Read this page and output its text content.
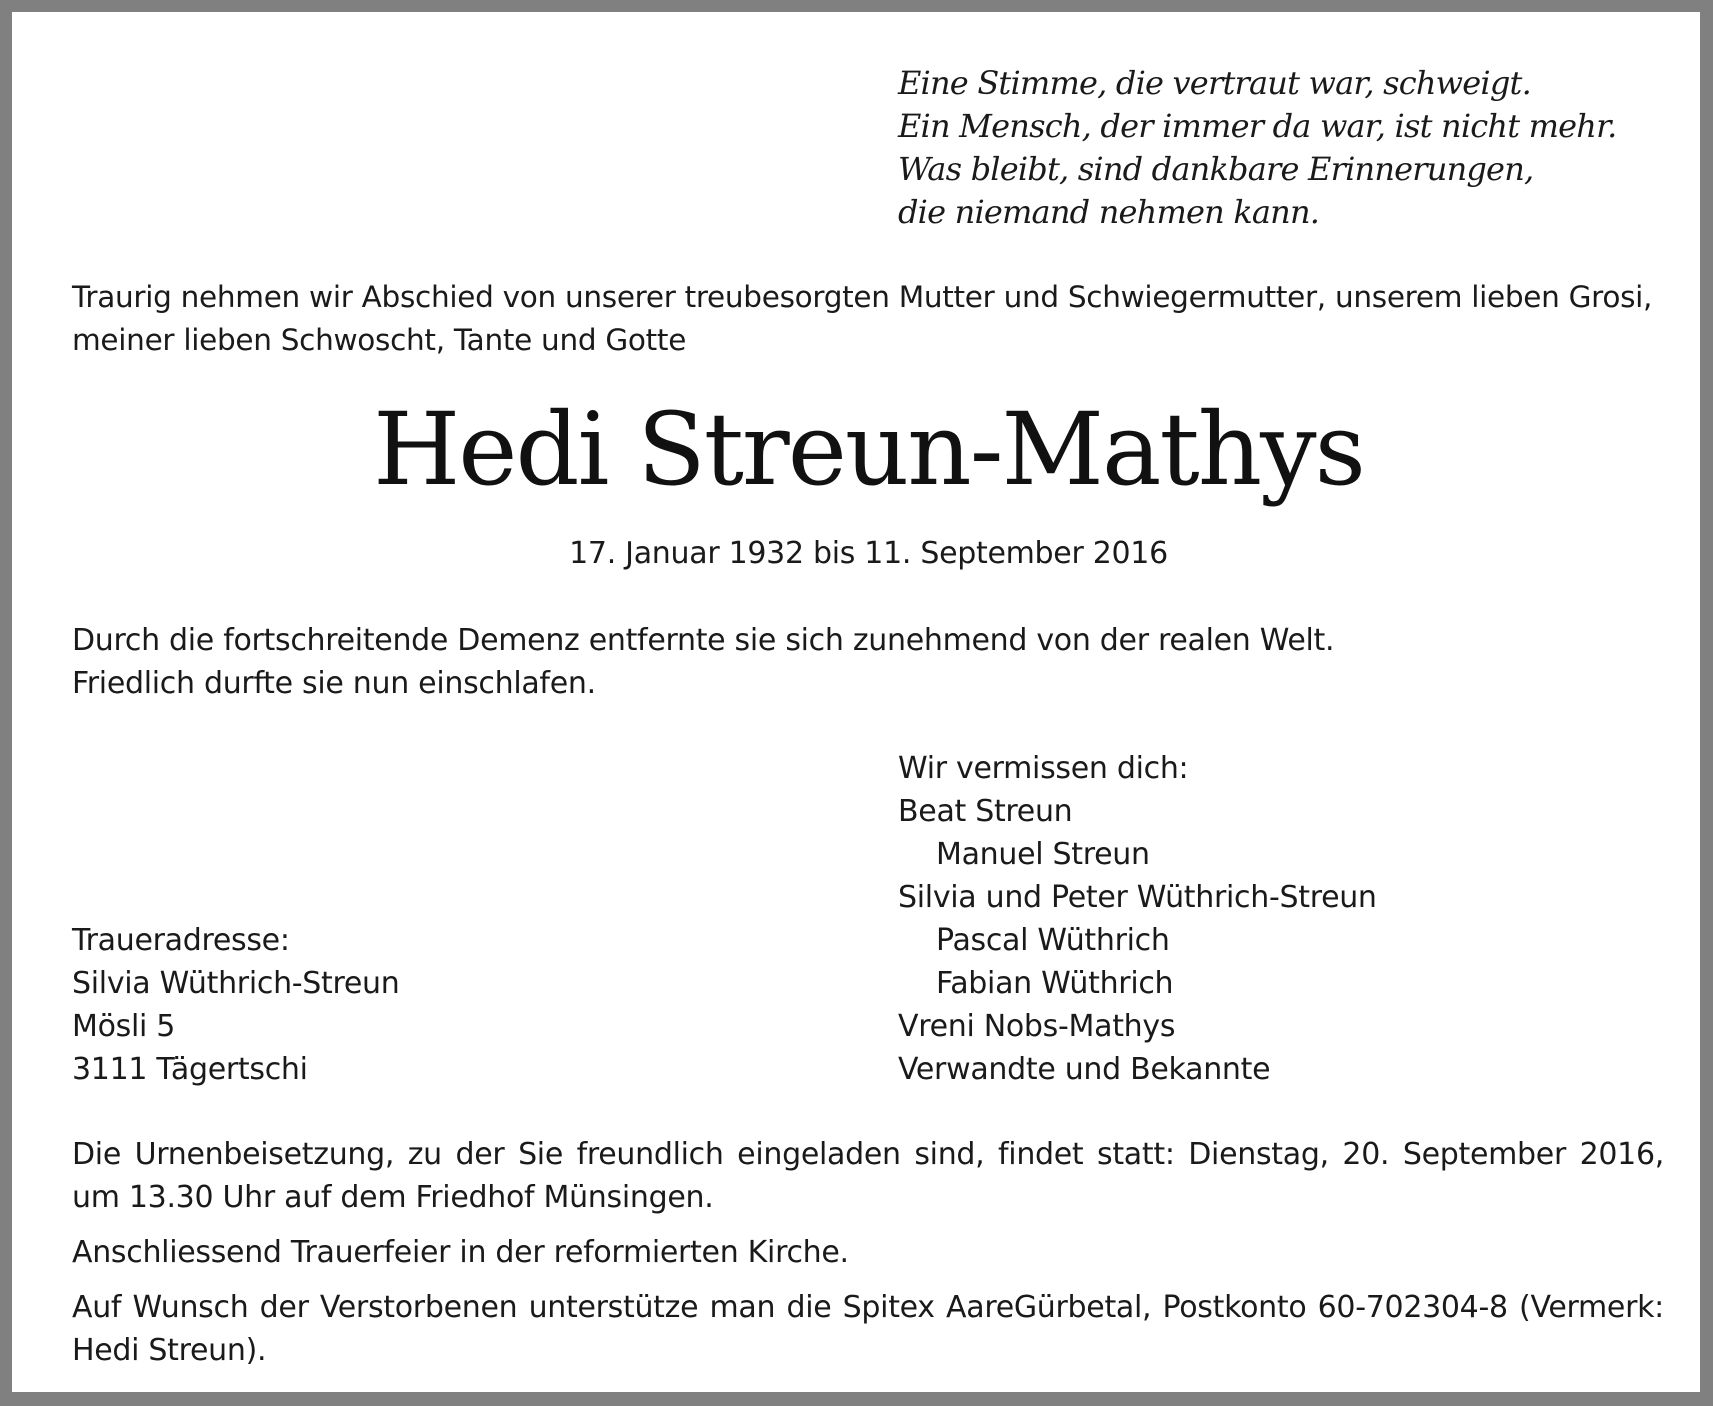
Eine Stimme, die vertraut war, schweigt.
Ein Mensch, der immer da war, ist nicht mehr.
Was bleibt, sind dankbare Erinnerungen,
die niemand nehmen kann.
Traurig nehmen wir Abschied von unserer treubesorgten Mutter und Schwiegermutter, unserem lieben Grosi,
meiner lieben Schwoscht, Tante und Gotte
Hedi Streun-Mathys
17. Januar 1932 bis 11. September 2016
Durch die fortschreitende Demenz entfernte sie sich zunehmend von der realen Welt.
Friedlich durfte sie nun einschlafen.
Wir vermissen dich:
Beat Streun
Manuel Streun
Silvia und Peter Wüthrich-Streun
Pascal Wüthrich
Fabian Wüthrich
Vreni Nobs-Mathys
Verwandte und Bekannte
Traueradresse:
Silvia Wüthrich-Streun
Mösli 5
3111 Tägertschi
Die Urnenbeisetzung, zu der Sie freundlich eingeladen sind, findet statt: Dienstag, 20. September 2016,
um 13.30 Uhr auf dem Friedhof Münsingen.
Anschliessend Trauerfeier in der reformierten Kirche.
Auf Wunsch der Verstorbenen unterstütze man die Spitex AareGürbetal, Postkonto 60-702304-8 (Vermerk:
Hedi Streun).
